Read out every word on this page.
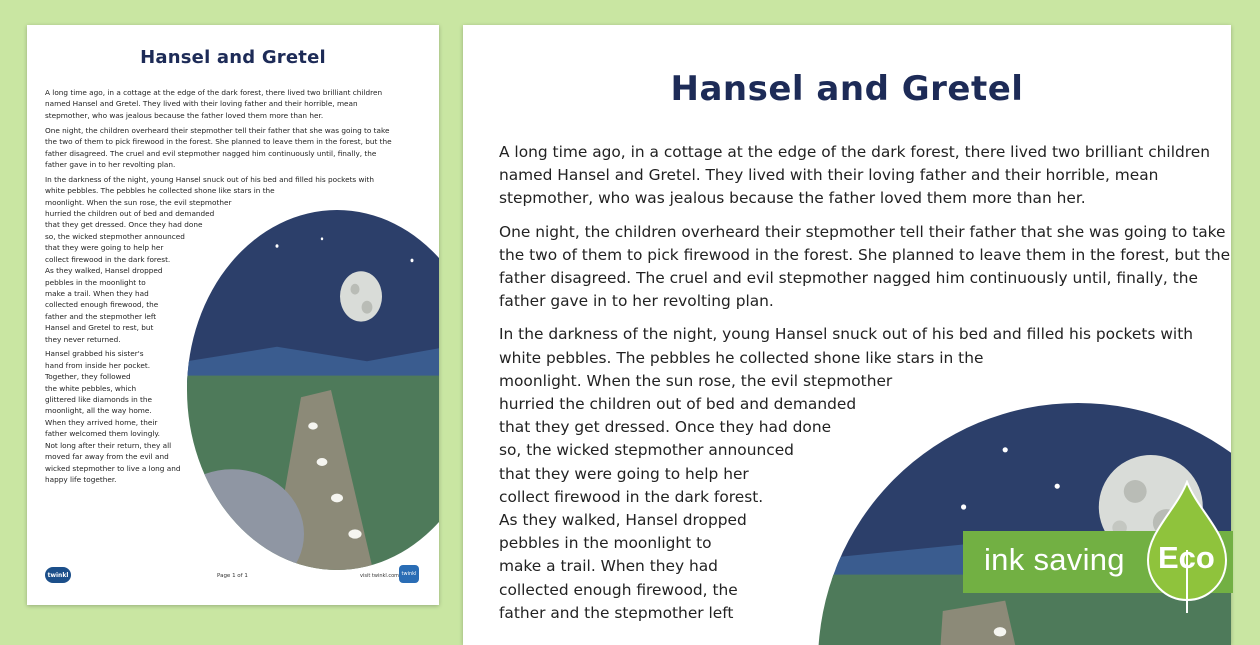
Hansel and Gretel

A long time ago, in a cottage at the edge of the dark forest, there lived two brilliant children
named Hansel and Gretel. They lived with their loving father and their horrible, mean
stepmother, who was jealous because the father loved them more than her.

One night, the children overheard their stepmother tell their father that she was going to take
the two of them to pick firewood in the forest. She planned to leave them in the forest, but the
father disagreed. The cruel and evil stepmother nagged him continuously until, finally, the
father gave in to her revolting plan.

In the darkness of the night, young Hansel snuck out of his bed and filled his pockets with
white pebbles. The pebbles he collected shone like stars in the
moonlight. When the sun rose, the evil stepmother
hurried the children out of bed and demanded
that they get dressed. Once they had done
so, the wicked stepmother announced
that they were going to help her
collect firewood in the dark forest.
As they walked, Hansel dropped
pebbles in the moonlight to
make a trail. When they had
collected enough firewood, the
father and the stepmother left
Hansel and Gretel to rest, but
they never returned.

Hansel grabbed his sister's
hand from inside her pocket.
Together, they followed
the white pebbles, which
glittered like diamonds in the
moonlight, all the way home.
When they arrived home, their
father welcomed them lovingly.
Not long after their return, they all
moved far away from the evil and
wicked stepmother to live a long and
happy life together.

twinkl	Page 1 of 1	visit twinkl.com twinkl
Hansel and Gretel

A long time ago, in a cottage at the edge of the dark forest, there lived two brilliant children
named Hansel and Gretel. They lived with their loving father and their horrible, mean
stepmother, who was jealous because the father loved them more than her.

One night, the children overheard their stepmother tell their father that she was going to take
the two of them to pick firewood in the forest. She planned to leave them in the forest, but the
father disagreed. The cruel and evil stepmother nagged him continuously until, finally, the
father gave in to her revolting plan.

In the darkness of the night, young Hansel snuck out of his bed and filled his pockets with
white pebbles. The pebbles he collected shone like stars in the
moonlight. When the sun rose, the evil stepmother
hurried the children out of bed and demanded
that they get dressed. Once they had done
so, the wicked stepmother announced
that they were going to help her
collect firewood in the dark forest.
As they walked, Hansel dropped
pebbles in the moonlight to
make a trail. When they had
collected enough firewood, the
father and the stepmother left

ink saving Eco
